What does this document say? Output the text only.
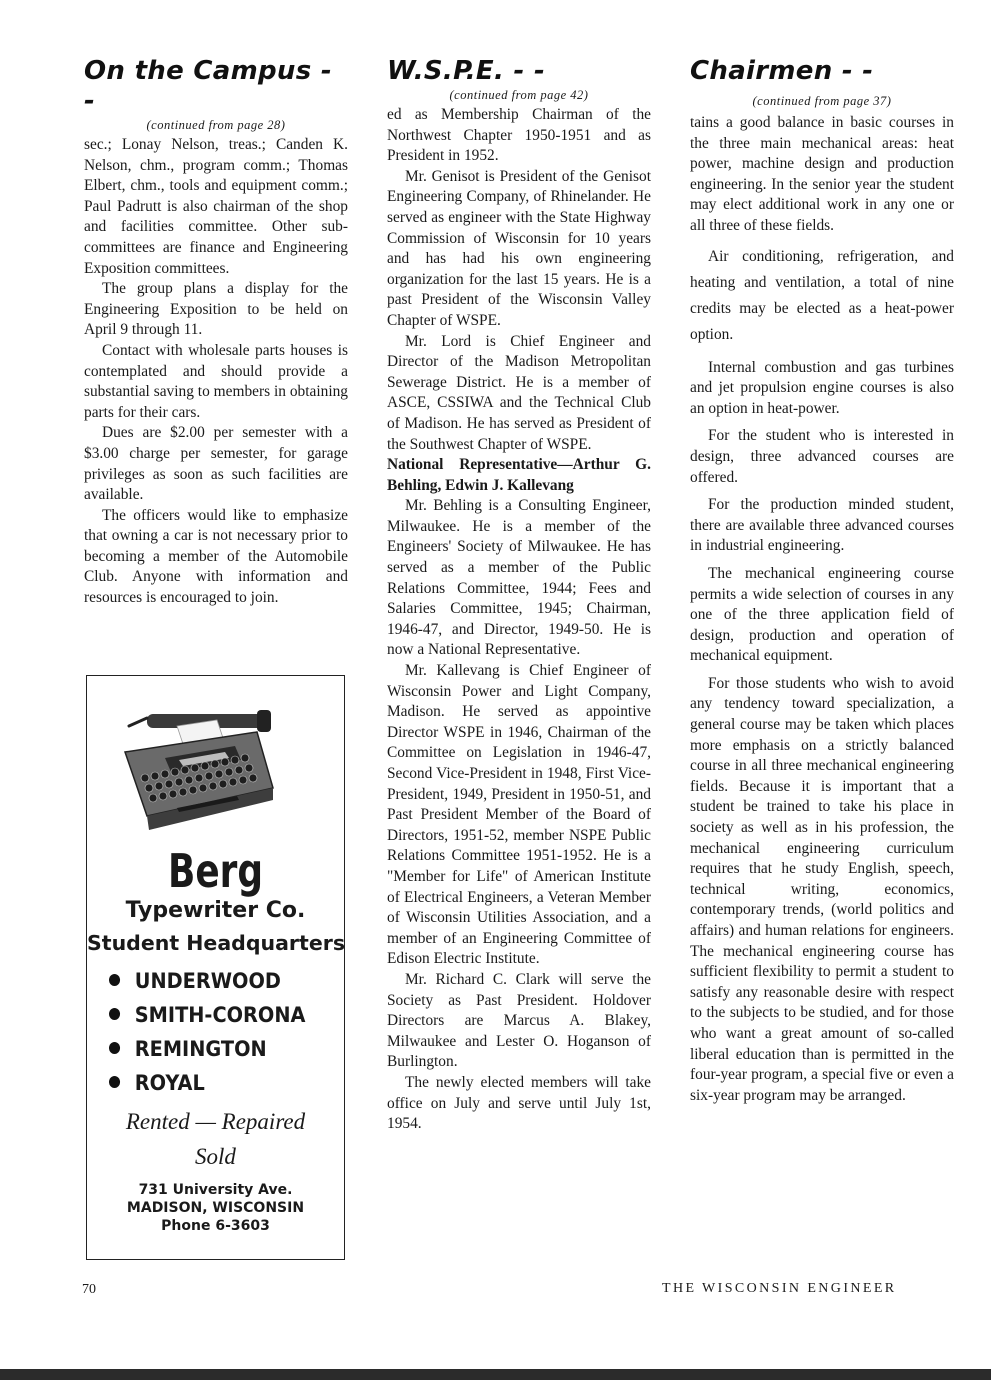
On the Campus - -
(continued from page 28)

sec.; Lonay Nelson, treas.; Canden K. Nelson, chm., program comm.; Thomas Elbert, chm., tools and equipment comm.; Paul Padrutt is also chairman of the shop and facilities committee. Other sub-committees are finance and Engineering Exposition committees.

The group plans a display for the Engineering Exposition to be held on April 9 through 11.

Contact with wholesale parts houses is contemplated and should provide a substantial saving to members in obtaining parts for their cars.

Dues are $2.00 per semester with a $3.00 charge per semester, for garage privileges as soon as such facilities are available.

The officers would like to emphasize that owning a car is not necessary prior to becoming a member of the Automobile Club. Anyone with information and resources is encouraged to join.

W.S.P.E. - -
(continued from page 42)

ed as Membership Chairman of the Northwest Chapter 1950-1951 and as President in 1952.

Mr. Genisot is President of the Genisot Engineering Company, of Rhinelander. He served as engineer with the State Highway Commission of Wisconsin for 10 years and has had his own engineering organization for the last 15 years. He is a past President of the Wisconsin Valley Chapter of WSPE.

Mr. Lord is Chief Engineer and Director of the Madison Metropolitan Sewerage District. He is a member of ASCE, CSSIWA and the Technical Club of Madison. He has served as President of the Southwest Chapter of WSPE.

National Representative—Arthur G. Behling, Edwin J. Kallevang

Mr. Behling is a Consulting Engineer, Milwaukee. He is a member of the Engineers' Society of Milwaukee. He has served as a member of the Public Relations Committee, 1944; Fees and Salaries Committee, 1945; Chairman, 1946-47, and Director, 1949-50. He is now a National Representative.

Mr. Kallevang is Chief Engineer of Wisconsin Power and Light Company, Madison. He served as appointive Director WSPE in 1946, Chairman of the Committee on Legislation in 1946-47, Second Vice-President in 1948, First Vice-President, 1949, President in 1950-51, and Past President Member of the Board of Directors, 1951-52, member NSPE Public Relations Committee 1951-1952. He is a "Member for Life" of American Institute of Electrical Engineers, a Veteran Member of Wisconsin Utilities Association, and a member of an Engineering Committee of Edison Electric Institute.

Mr. Richard C. Clark will serve the Society as Past President. Holdover Directors are Marcus A. Blakey, Milwaukee and Lester O. Hoganson of Burlington.

The newly elected members will take office on July and serve until July 1st, 1954.

Chairmen - -
(continued from page 37)

tains a good balance in basic courses in the three main mechanical areas: heat power, machine design and production engineering. In the senior year the student may elect additional work in any one or all three of these fields.

Air conditioning, refrigeration, and heating and ventilation, a total of nine credits may be elected as a heat-power option.

Internal combustion and gas turbines and jet propulsion engine courses is also an option in heat-power.

For the student who is interested in design, three advanced courses are offered.

For the production minded student, there are available three advanced courses in industrial engineering.

The mechanical engineering course permits a wide selection of courses in any one of the three application field of design, production and operation of mechanical equipment.

For those students who wish to avoid any tendency toward specialization, a general course may be taken which places more emphasis on a strictly balanced course in all three mechanical engineering fields. Because it is important that a student be trained to take his place in society as well as in his profession, the mechanical engineering curriculum requires that he study English, speech, technical writing, economics, contemporary trends, (world politics and affairs) and human relations for engineers. The mechanical engineering course has sufficient flexibility to permit a student to satisfy any reasonable desire with respect to the subjects to be studied, and for those who want a great amount of so-called liberal education than is permitted in the four-year program, a special five or even a six-year program may be arranged.

Berg
Typewriter Co.
Student Headquarters
UNDERWOOD
SMITH-CORONA
REMINGTON
ROYAL
Rented — Repaired
Sold
731 University Ave.
MADISON, WISCONSIN
Phone 6-3603
70	THE WISCONSIN ENGINEER
